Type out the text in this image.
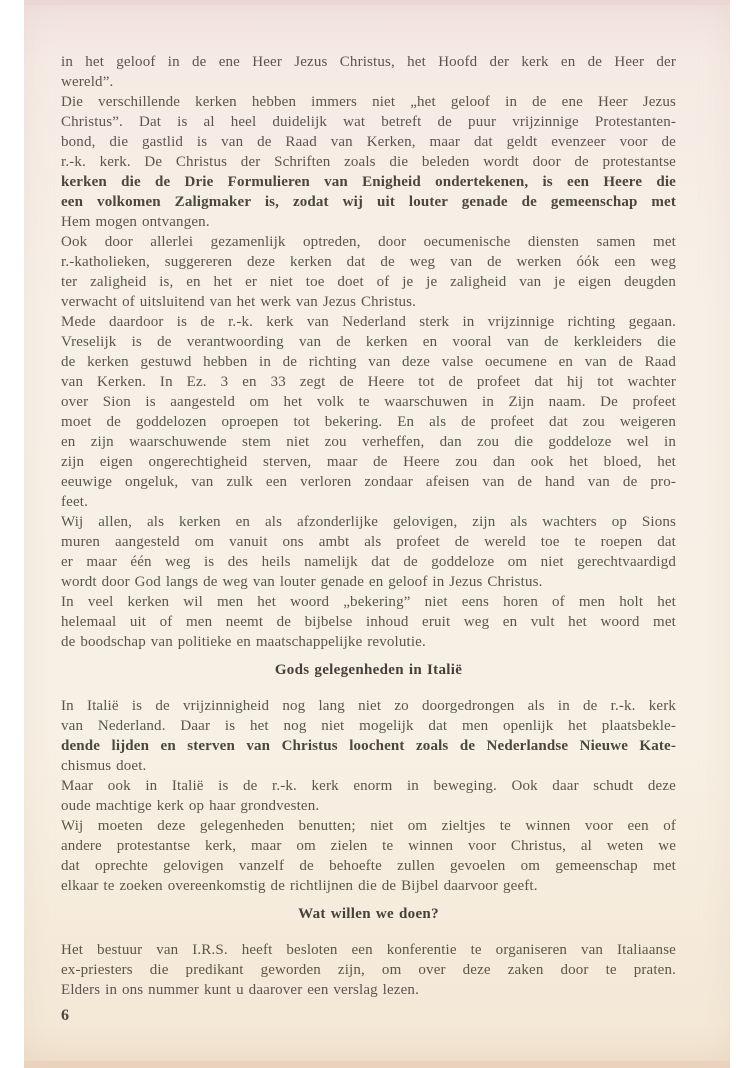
in het geloof in de ene Heer Jezus Christus, het Hoofd der kerk en de Heer der
wereld”.
Die verschillende kerken hebben immers niet „het geloof in de ene Heer Jezus
Christus”. Dat is al heel duidelijk wat betreft de puur vrijzinnige Protestanten-
bond, die gastlid is van de Raad van Kerken, maar dat geldt evenzeer voor de
r.-k. kerk. De Christus der Schriften zoals die beleden wordt door de protestantse
kerken die de Drie Formulieren van Enigheid ondertekenen, is een Heere die
een volkomen Zaligmaker is, zodat wij uit louter genade de gemeenschap met
Hem mogen ontvangen.
Ook door allerlei gezamenlijk optreden, door oecumenische diensten samen met
r.-katholieken, suggereren deze kerken dat de weg van de werken óók een weg
ter zaligheid is, en het er niet toe doet of je je zaligheid van je eigen deugden
verwacht of uitsluitend van het werk van Jezus Christus.
Mede daardoor is de r.-k. kerk van Nederland sterk in vrijzinnige richting gegaan.
Vreselijk is de verantwoording van de kerken en vooral van de kerkleiders die
de kerken gestuwd hebben in de richting van deze valse oecumene en van de Raad
van Kerken. In Ez. 3 en 33 zegt de Heere tot de profeet dat hij tot wachter
over Sion is aangesteld om het volk te waarschuwen in Zijn naam. De profeet
moet de goddelozen oproepen tot bekering. En als de profeet dat zou weigeren
en zijn waarschuwende stem niet zou verheffen, dan zou die goddeloze wel in
zijn eigen ongerechtigheid sterven, maar de Heere zou dan ook het bloed, het
eeuwige ongeluk, van zulk een verloren zondaar afeisen van de hand van de pro-
feet.
Wij allen, als kerken en als afzonderlijke gelovigen, zijn als wachters op Sions
muren aangesteld om vanuit ons ambt als profeet de wereld toe te roepen dat
er maar één weg is des heils namelijk dat de goddeloze om niet gerechtvaardigd
wordt door God langs de weg van louter genade en geloof in Jezus Christus.
In veel kerken wil men het woord „bekering” niet eens horen of men holt het
helemaal uit of men neemt de bijbelse inhoud eruit weg en vult het woord met
de boodschap van politieke en maatschappelijke revolutie.
Gods gelegenheden in Italië
In Italië is de vrijzinnigheid nog lang niet zo doorgedrongen als in de r.-k. kerk
van Nederland. Daar is het nog niet mogelijk dat men openlijk het plaatsbekle-
dende lijden en sterven van Christus loochent zoals de Nederlandse Nieuwe Kate-
chismus doet.
Maar ook in Italië is de r.-k. kerk enorm in beweging. Ook daar schudt deze
oude machtige kerk op haar grondvesten.
Wij moeten deze gelegenheden benutten; niet om zieltjes te winnen voor een of
andere protestantse kerk, maar om zielen te winnen voor Christus, al weten we
dat oprechte gelovigen vanzelf de behoefte zullen gevoelen om gemeenschap met
elkaar te zoeken overeenkomstig de richtlijnen die de Bijbel daarvoor geeft.
Wat willen we doen?
Het bestuur van I.R.S. heeft besloten een konferentie te organiseren van Italiaanse
ex-priesters die predikant geworden zijn, om over deze zaken door te praten.
Elders in ons nummer kunt u daarover een verslag lezen.
6
